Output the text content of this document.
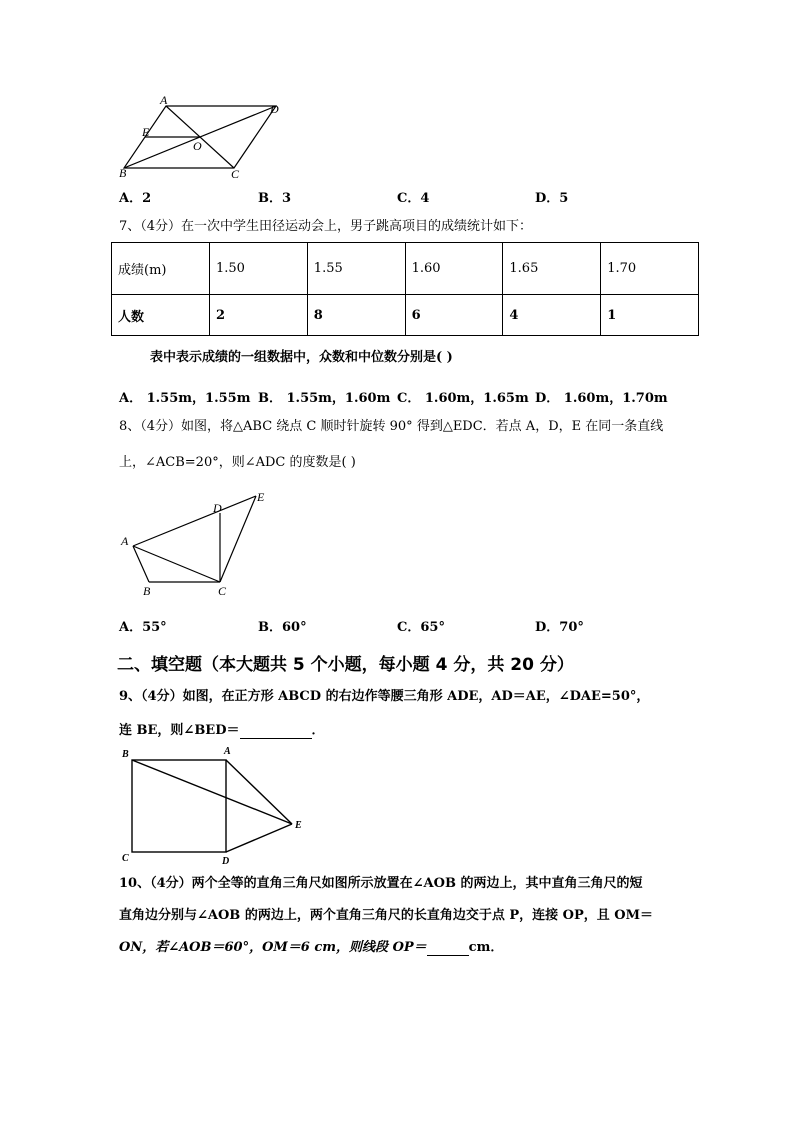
A
D
E
O
B	C
A．2	B．3	C．4	D．5
7、（4分）在一次中学生田径运动会上，男子跳高项目的成绩统计如下：
成绩(m)	1.50	1.55	1.60	1.65	1.70
人数	2	8	6	4	1
表中表示成绩的一组数据中，众数和中位数分别是( )
A． 1.55m，1.55m B． 1.55m，1.60m C． 1.60m，1.65m D． 1.60m，1.70m
8、（4分）如图，将△ABC 绕点 C 顺时针旋转 90° 得到△EDC．若点 A，D，E 在同一条直线
上，∠ACB=20°，则∠ADC 的度数是( )
E
D
A
B	C
A．55°	B．60°	C．65°	D．70°
二、填空题（本大题共 5 个小题，每小题 4 分，共 20 分）
9、（4分）如图，在正方形 ABCD 的右边作等腰三角形 ADE，AD＝AE，∠DAE=50°，
连 BE，则∠BED＝	．
B	A
E
C	D
10、（4分）两个全等的直角三角尺如图所示放置在∠AOB 的两边上，其中直角三角尺的短
直角边分别与∠AOB 的两边上，两个直角三角尺的长直角边交于点 P，连接 OP，且 OM＝
ON，若∠AOB＝60°，OM＝6 cm，则线段 OP＝	cm．
